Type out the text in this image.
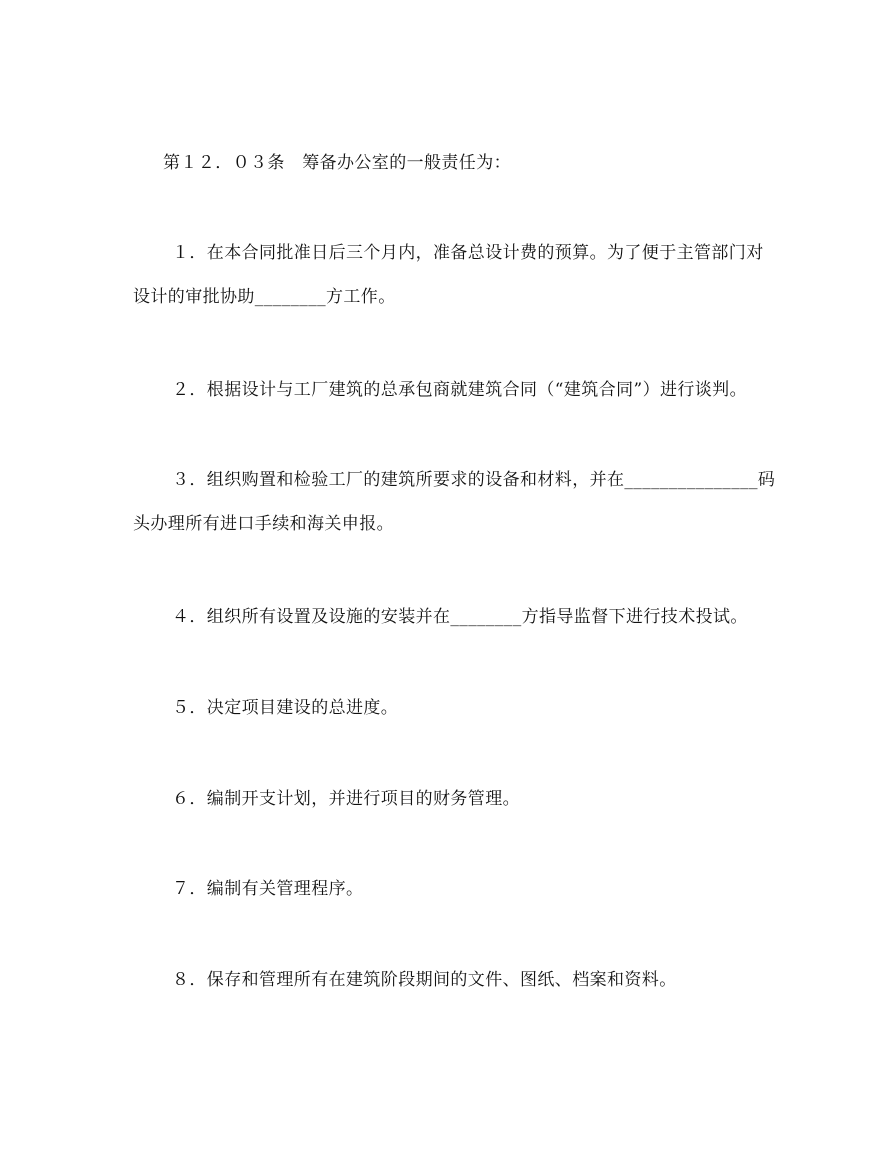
第１２．０３条　筹备办公室的一般责任为：
１．在本合同批准日后三个月内，准备总设计费的预算。为了便于主管部门对
设计的审批协助________方工作。
２．根据设计与工厂建筑的总承包商就建筑合同（“建筑合同”）进行谈判。
３．组织购置和检验工厂的建筑所要求的设备和材料，并在_______________码
头办理所有进口手续和海关申报。
４．组织所有设置及设施的安装并在________方指导监督下进行技术投试。
５．决定项目建设的总进度。
６．编制开支计划，并进行项目的财务管理。
７．编制有关管理程序。
８．保存和管理所有在建筑阶段期间的文件、图纸、档案和资料。
